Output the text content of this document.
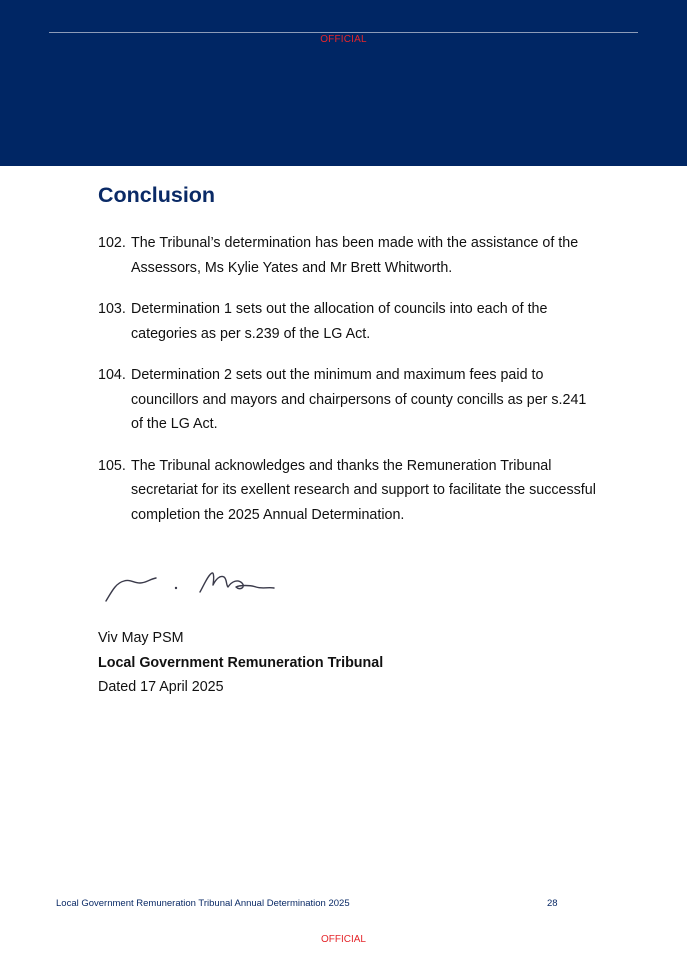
OFFICIAL
Conclusion
102. The Tribunal’s determination has been made with the assistance of the Assessors, Ms Kylie Yates and Mr Brett Whitworth.
103. Determination 1 sets out the allocation of councils into each of the categories as per s.239 of the LG Act.
104. Determination 2 sets out the minimum and maximum fees paid to councillors and mayors and chairpersons of county concills as per s.241 of the LG Act.
105. The Tribunal acknowledges and thanks the Remuneration Tribunal secretariat for its exellent research and support to facilitate the successful completion the 2025 Annual Determination.
Viv May PSM
Local Government Remuneration Tribunal
Dated 17 April 2025
Local Government Remuneration Tribunal Annual Determination 2025	28
OFFICIAL
